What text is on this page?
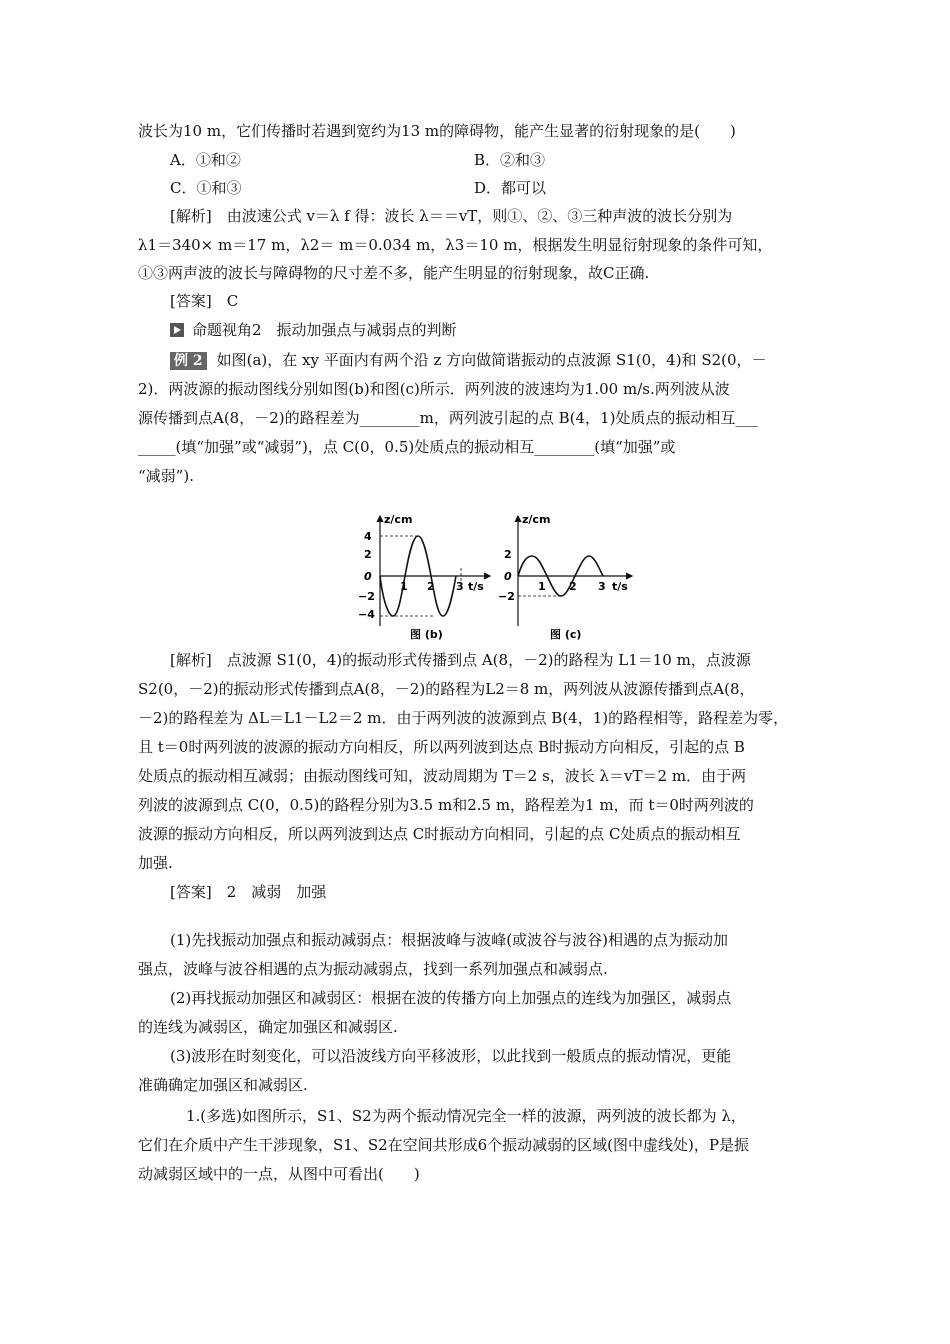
波长为10 m，它们传播时若遇到宽约为13 m的障碍物，能产生显著的衍射现象的是(　　)
A．①和②	B．②和③
C．①和③	D．都可以
[解析]　由波速公式 v＝λ f 得：波长 λ＝＝vT，则①、②、③三种声波的波长分别为
λ1＝340× m＝17 m，λ2＝ m＝0.034 m，λ3＝10 m，根据发生明显衍射现象的条件可知，
①③两声波的波长与障碍物的尺寸差不多，能产生明显的衍射现象，故C正确.
[答案]　C
命题视角2　振动加强点与减弱点的判断
例 2 如图(a)，在 xy 平面内有两个沿 z 方向做简谐振动的点波源 S1(0，4)和 S2(0，－
2)．两波源的振动图线分别如图(b)和图(c)所示．两列波的波速均为1.00 m/s.两列波从波
源传播到点A(8，－2)的路程差为________m，两列波引起的点 B(4，1)处质点的振动相互___
_____(填“加强”或“减弱”)，点 C(0，0.5)处质点的振动相互________(填“加强”或
“减弱”).
z/cm
t/s
4
2
0
−2
−4
1 2 3
图 (b)
z/cm
t/s
2
0
−2
1 2 3
图 (c)
[解析]　点波源 S1(0，4)的振动形式传播到点 A(8，－2)的路程为 L1＝10 m，点波源
S2(0，－2)的振动形式传播到点A(8，－2)的路程为L2＝8 m，两列波从波源传播到点A(8，
－2)的路程差为 ΔL＝L1－L2＝2 m．由于两列波的波源到点 B(4，1)的路程相等，路程差为零，
且 t＝0时两列波的波源的振动方向相反，所以两列波到达点 B时振动方向相反，引起的点 B
处质点的振动相互减弱；由振动图线可知，波动周期为 T＝2 s，波长 λ＝vT＝2 m．由于两
列波的波源到点 C(0，0.5)的路程分别为3.5 m和2.5 m，路程差为1 m，而 t＝0时两列波的
波源的振动方向相反，所以两列波到达点 C时振动方向相同，引起的点 C处质点的振动相互
加强.
[答案]　2　减弱　加强
(1)先找振动加强点和振动减弱点：根据波峰与波峰(或波谷与波谷)相遇的点为振动加
强点，波峰与波谷相遇的点为振动减弱点，找到一系列加强点和减弱点.
(2)再找振动加强区和减弱区：根据在波的传播方向上加强点的连线为加强区，减弱点
的连线为减弱区，确定加强区和减弱区.
(3)波形在时刻变化，可以沿波线方向平移波形，以此找到一般质点的振动情况，更能
准确确定加强区和减弱区.
1.(多选)如图所示，S1、S2为两个振动情况完全一样的波源，两列波的波长都为 λ，
它们在介质中产生干涉现象，S1、S2在空间共形成6个振动减弱的区域(图中虚线处)，P是振
动减弱区域中的一点，从图中可看出(　　)
